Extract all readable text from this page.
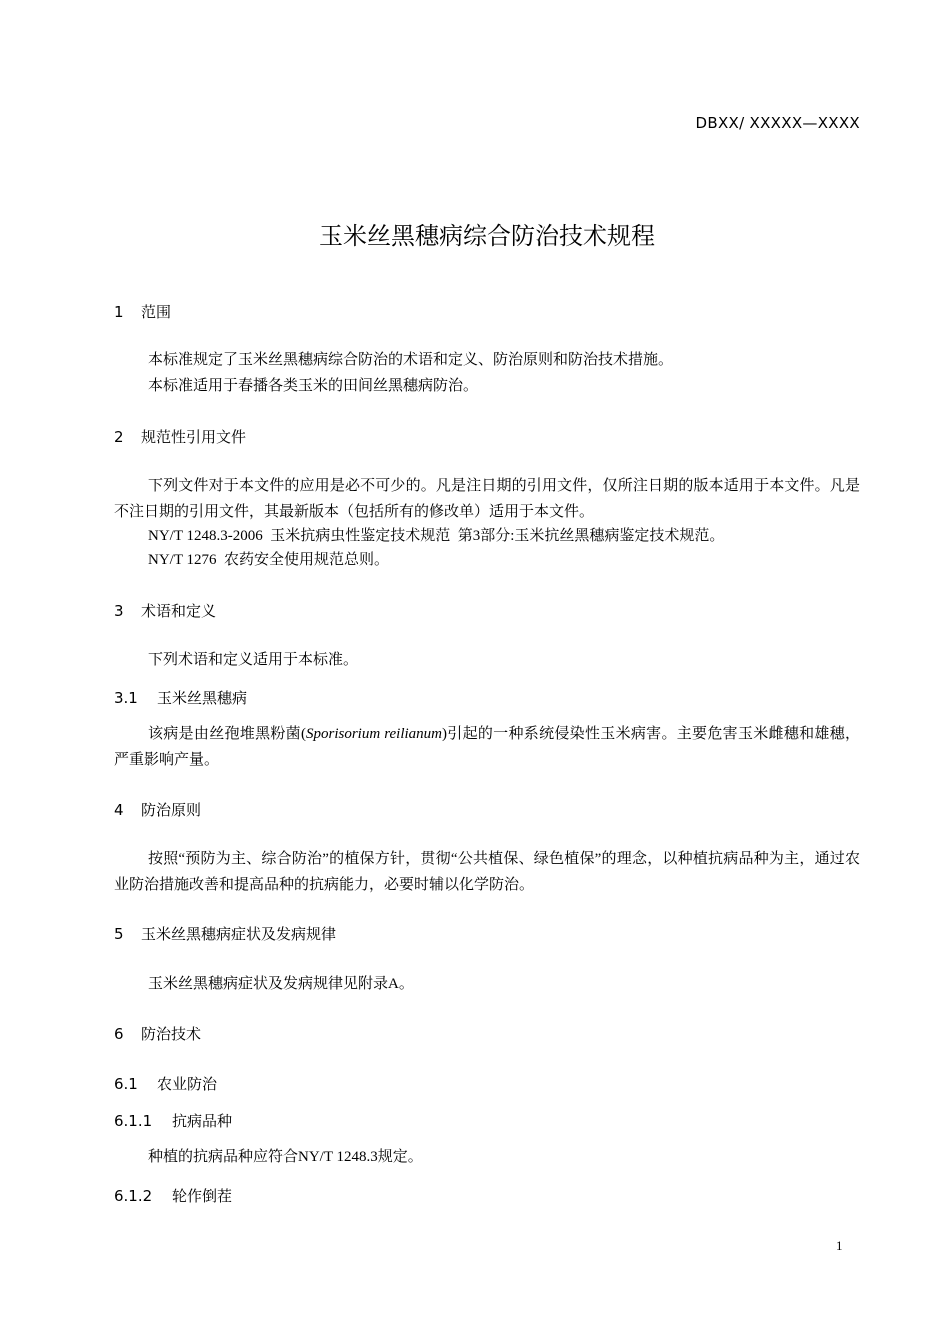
DBXX/ XXXXX—XXXX
玉米丝黑穗病综合防治技术规程
1 范围
本标准规定了玉米丝黑穗病综合防治的术语和定义、防治原则和防治技术措施。
本标准适用于春播各类玉米的田间丝黑穗病防治。
2 规范性引用文件
下列文件对于本文件的应用是必不可少的。凡是注日期的引用文件，仅所注日期的版本适用于本文件。凡是不注日期的引用文件，其最新版本（包括所有的修改单）适用于本文件。
NY/T 1248.3-2006  玉米抗病虫性鉴定技术规范  第3部分:玉米抗丝黑穗病鉴定技术规范。
NY/T 1276  农药安全使用规范总则。
3 术语和定义
下列术语和定义适用于本标准。
3.1 玉米丝黑穗病
该病是由丝孢堆黑粉菌(Sporisorium reilianum)引起的一种系统侵染性玉米病害。主要危害玉米雌穗和雄穗，严重影响产量。
4 防治原则
按照“预防为主、综合防治”的植保方针，贯彻“公共植保、绿色植保”的理念，以种植抗病品种为主，通过农业防治措施改善和提高品种的抗病能力，必要时辅以化学防治。
5 玉米丝黑穗病症状及发病规律
玉米丝黑穗病症状及发病规律见附录A。
6 防治技术
6.1 农业防治
6.1.1 抗病品种
种植的抗病品种应符合NY/T 1248.3规定。
6.1.2 轮作倒茬
1
